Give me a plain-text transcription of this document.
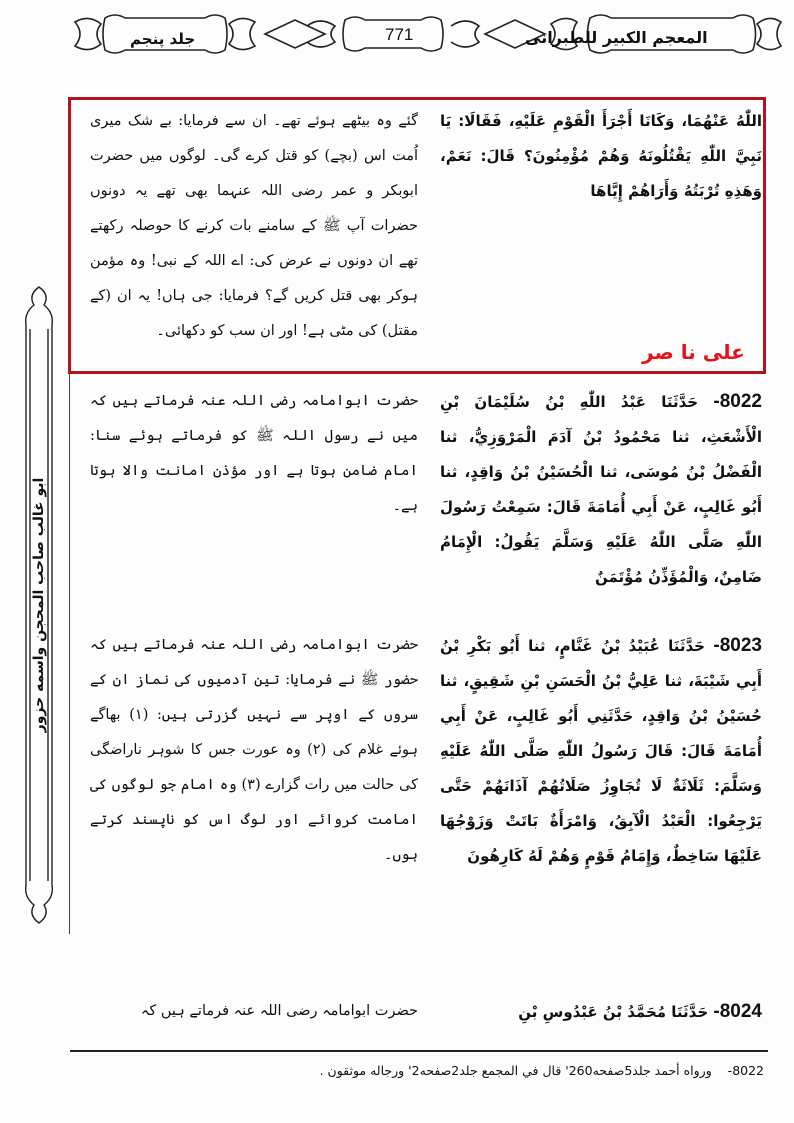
جلد پنجم	771	المعجم الکبیر للطبرانی
اللّٰهُ عَنْهُمَا، وَكَانَا أَجْرَأَ الْقَوْمِ عَلَيْهِ، فَقَالَا: يَا نَبِيَّ اللّٰهِ يَقْتُلُونَهُ وَهُمْ مُؤْمِنُونَ؟ قَالَ: نَعَمْ، وَهَذِهِ تُرْبَتُهُ وَأَرَاهُمْ إِيَّاهَا
گئے وہ بیٹھے ہوئے تھے۔ ان سے فرمایا: بے شک میری اُمت اس (بچے) کو قتل کرے گی۔ لوگوں میں حضرت ابوبکر و عمر رضی اللہ عنہما بھی تھے یہ دونوں حضرات آپ ﷺ کے سامنے بات کرنے کا حوصلہ رکھتے تھے ان دونوں نے عرض کی: اے اللہ کے نبی! وہ مؤمن ہوکر بھی قتل کریں گے؟ فرمایا: جی ہاں! یہ ان (کے مقتل) کی مٹی ہے! اور ان سب کو دکھائی۔
علی نا صر
8022- حَدَّثَنَا عَبْدُ اللّٰهِ بْنُ سُلَيْمَانَ بْنِ الْأَشْعَثِ، ثنا مَحْمُودُ بْنُ آدَمَ الْمَرْوَزِيُّ، ثنا الْفَضْلُ بْنُ مُوسَى، ثنا الْحُسَيْنُ بْنُ وَاقِدٍ، ثنا أَبُو غَالِبٍ، عَنْ أَبِي أُمَامَةَ قَالَ: سَمِعْتُ رَسُولَ اللّٰهِ صَلَّى اللّٰهُ عَلَيْهِ وَسَلَّمَ يَقُولُ: الْإِمَامُ ضَامِنٌ، وَالْمُؤَذِّنُ مُؤْتَمَنٌ
حضرت ابوامامہ رضی اللہ عنہ فرماتے ہیں کہ میں نے رسول اللہ ﷺ کو فرماتے ہوئے سنا: امام ضامن ہوتا ہے اور مؤذن امانت والا ہوتا ہے۔
8023- حَدَّثَنَا عُبَيْدُ بْنُ غَنَّامٍ، ثنا أَبُو بَكْرِ بْنُ أَبِي شَيْبَةَ، ثنا عَلِيُّ بْنُ الْحَسَنِ بْنِ شَقِيقٍ، ثنا حُسَيْنُ بْنُ وَاقِدٍ، حَدَّثَنِي أَبُو غَالِبٍ، عَنْ أَبِي أُمَامَةَ قَالَ: قَالَ رَسُولُ اللّٰهِ صَلَّى اللّٰهُ عَلَيْهِ وَسَلَّمَ: ثَلَاثَةٌ لَا تُجَاوِزُ صَلَاتُهُمْ آذَانَهُمْ حَتَّى يَرْجِعُوا: الْعَبْدُ الْآبِقُ، وَامْرَأَةٌ بَاتَتْ وَزَوْجُهَا عَلَيْهَا سَاخِطٌ، وَإِمَامُ قَوْمٍ وَهُمْ لَهُ كَارِهُونَ
حضرت ابوامامہ رضی اللہ عنہ فرماتے ہیں کہ حضور ﷺ نے فرمایا: تین آدمیوں کی نماز ان کے سروں کے اوپر سے نہیں گزرتی ہیں: (۱) بھاگے ہوئے غلام کی (۲) وہ عورت جس کا شوہر ناراضگی کی حالت میں رات گزارے (۳) وہ امام جو لوگوں کی امامت کروائے اور لوگ اس کو ناپسند کرتے ہوں۔
8024- حَدَّثَنَا مُحَمَّدُ بْنُ عَبْدُوسِ بْنِ
حضرت ابوامامہ رضی اللہ عنہ فرماتے ہیں کہ
ابو غالب صاحب المحجن واسمه حزور
8022-    ورواه أحمد جلد5صفحه260' قال في المجمع جلد2صفحه2' ورجاله موثقون .
